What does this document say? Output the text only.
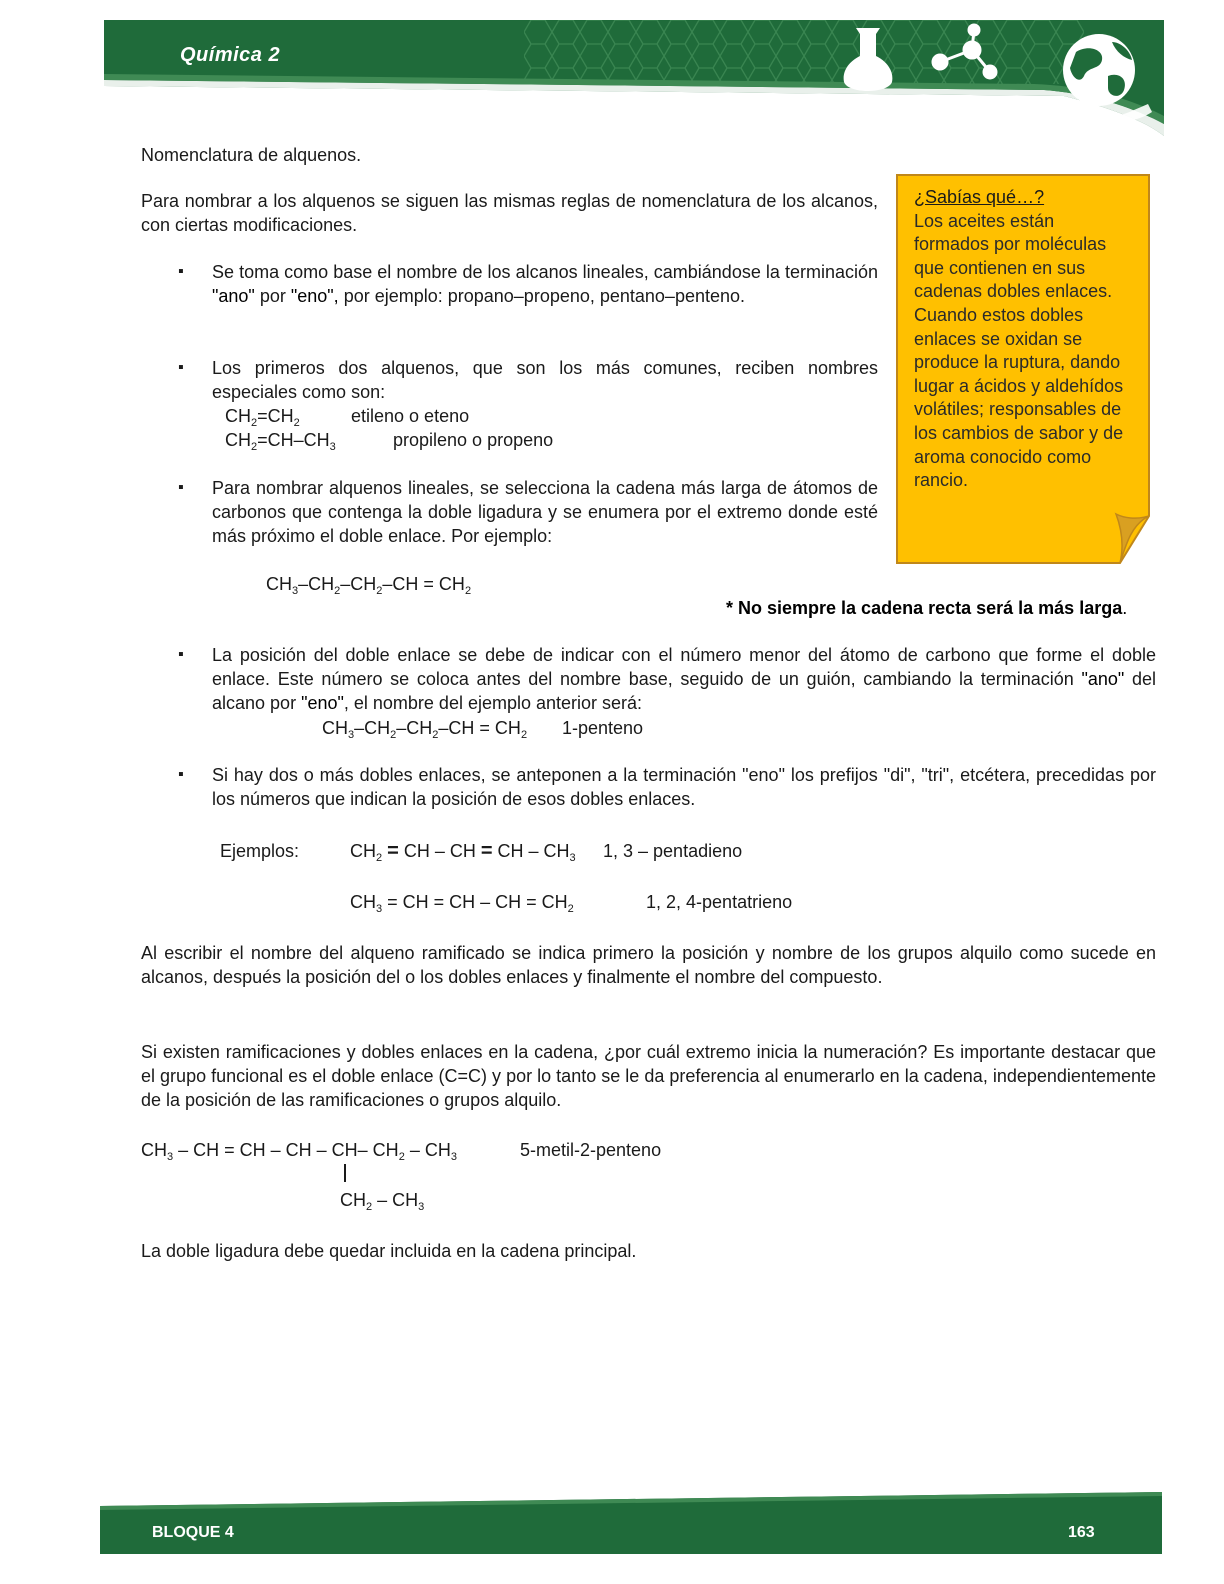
Química 2
Nomenclatura de alquenos.
Para nombrar a los alquenos se siguen las mismas reglas de nomenclatura de los alcanos, con ciertas modificaciones.
▪ Se toma como base el nombre de los alcanos lineales, cambiándose la terminación "ano" por "eno", por ejemplo: propano–propeno, pentano–penteno.
▪ Los primeros dos alquenos, que son los más comunes, reciben nombres especiales como son:
$CH_2=CH_2$	etileno o eteno
$CH_2=CH-CH_3$	propileno o propeno
▪ Para nombrar alquenos lineales, se selecciona la cadena más larga de átomos de carbonos que contenga la doble ligadura y se enumera por el extremo donde esté más próximo el doble enlace. Por ejemplo:
$CH_3-CH_2-CH_2-CH = CH_2$
* No siempre la cadena recta será la más larga.
▪ La posición del doble enlace se debe de indicar con el número menor del átomo de carbono que forme el doble enlace. Este número se coloca antes del nombre base, seguido de un guión, cambiando la terminación "ano" del alcano por "eno", el nombre del ejemplo anterior será:
$CH_3-CH_2-CH_2-CH = CH_2$ 1-penteno
▪ Si hay dos o más dobles enlaces, se anteponen a la terminación "eno" los prefijos "di", "tri", etcétera, precedidas por los números que indican la posición de esos dobles enlaces.
Ejemplos:	$CH_2$ = CH – CH = CH – $CH_3$ 1, 3 – pentadieno
$CH_3$ = CH = CH – CH = $CH_2$	1, 2, 4-pentatrieno
Al escribir el nombre del alqueno ramificado se indica primero la posición y nombre de los grupos alquilo como sucede en alcanos, después la posición del o los dobles enlaces y finalmente el nombre del compuesto.
Si existen ramificaciones y dobles enlaces en la cadena, ¿por cuál extremo inicia la numeración? Es importante destacar que el grupo funcional es el doble enlace (C=C) y por lo tanto se le da preferencia al enumerarlo en la cadena, independientemente de la posición de las ramificaciones o grupos alquilo.
$CH_3$ – CH = CH – CH – CH– $CH_2 - CH_3$	5-metil-2-penteno
$CH_2 - CH_3$
La doble ligadura debe quedar incluida en la cadena principal.
¿Sabías qué…?
Los aceites están formados por moléculas que contienen en sus cadenas dobles enlaces. Cuando estos dobles enlaces se oxidan se produce la ruptura, dando lugar a ácidos y aldehídos volátiles; responsables de los cambios de sabor y de aroma conocido como rancio.
BLOQUE 4	163
